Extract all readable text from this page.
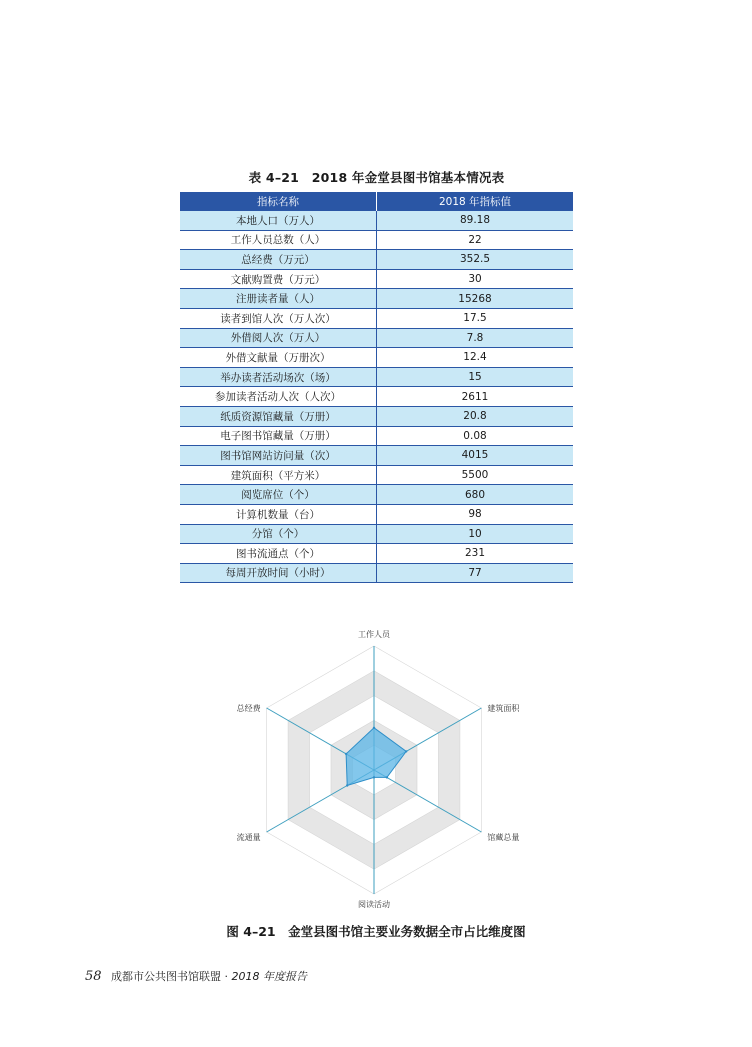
表 4–21　2018 年金堂县图书馆基本情况表
指标名称	2018 年指标值
本地人口（万人）	89.18
工作人员总数（人）	22
总经费（万元）	352.5
文献购置费（万元）	30
注册读者量（人）	15268
读者到馆人次（万人次）	17.5
外借阅人次（万人）	7.8
外借文献量（万册次）	12.4
举办读者活动场次（场）	15
参加读者活动人次（人次）	2611
纸质资源馆藏量（万册）	20.8
电子图书馆藏量（万册）	0.08
图书馆网站访问量（次）	4015
建筑面积（平方米）	5500
阅览席位（个）	680
计算机数量（台）	98
分馆（个）	10
图书流通点（个）	231
每周开放时间（小时）	77
工作人员
建筑面积
馆藏总量
阅读活动
流通量
总经费
图 4–21　金堂县图书馆主要业务数据全市占比维度图
58 成都市公共图书馆联盟 · 2018 年度报告
